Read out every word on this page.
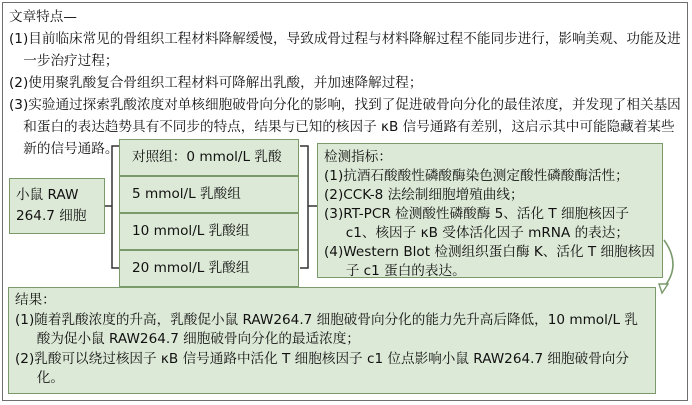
文章特点—
(1)目前临床常见的骨组织工程材料降解缓慢，导致成骨过程与材料降解过程不能同步进行，影响美观、功能及进一步治疗过程；
(2)使用聚乳酸复合骨组织工程材料可降解出乳酸，并加速降解过程；
(3)实验通过探索乳酸浓度对单核细胞破骨向分化的影响，找到了促进破骨向分化的最佳浓度，并发现了相关基因和蛋白的表达趋势具有不同步的特点，结果与已知的核因子 κB 信号通路有差别，这启示其中可能隐藏着某些新的信号通路。
小鼠 RAW
264.7 细胞
对照组：0 mmol/L 乳酸
5 mmol/L 乳酸组
10 mmol/L 乳酸组
20 mmol/L 乳酸组
检测指标：
(1)抗酒石酸酸性磷酸酶染色测定酸性磷酸酶活性；
(2)CCK-8 法绘制细胞增殖曲线；
(3)RT-PCR 检测酸性磷酸酶 5、活化 T 细胞核因子 c1、核因子 κB 受体活化因子 mRNA 的表达；
(4)Western Blot 检测组织蛋白酶 K、活化 T 细胞核因子 c1 蛋白的表达。
结果：
(1)随着乳酸浓度的升高，乳酸促小鼠 RAW264.7 细胞破骨向分化的能力先升高后降低，10 mmol/L 乳酸为促小鼠 RAW264.7 细胞破骨向分化的最适浓度；
(2)乳酸可以绕过核因子 κB 信号通路中活化 T 细胞核因子 c1 位点影响小鼠 RAW264.7 细胞破骨向分化。
